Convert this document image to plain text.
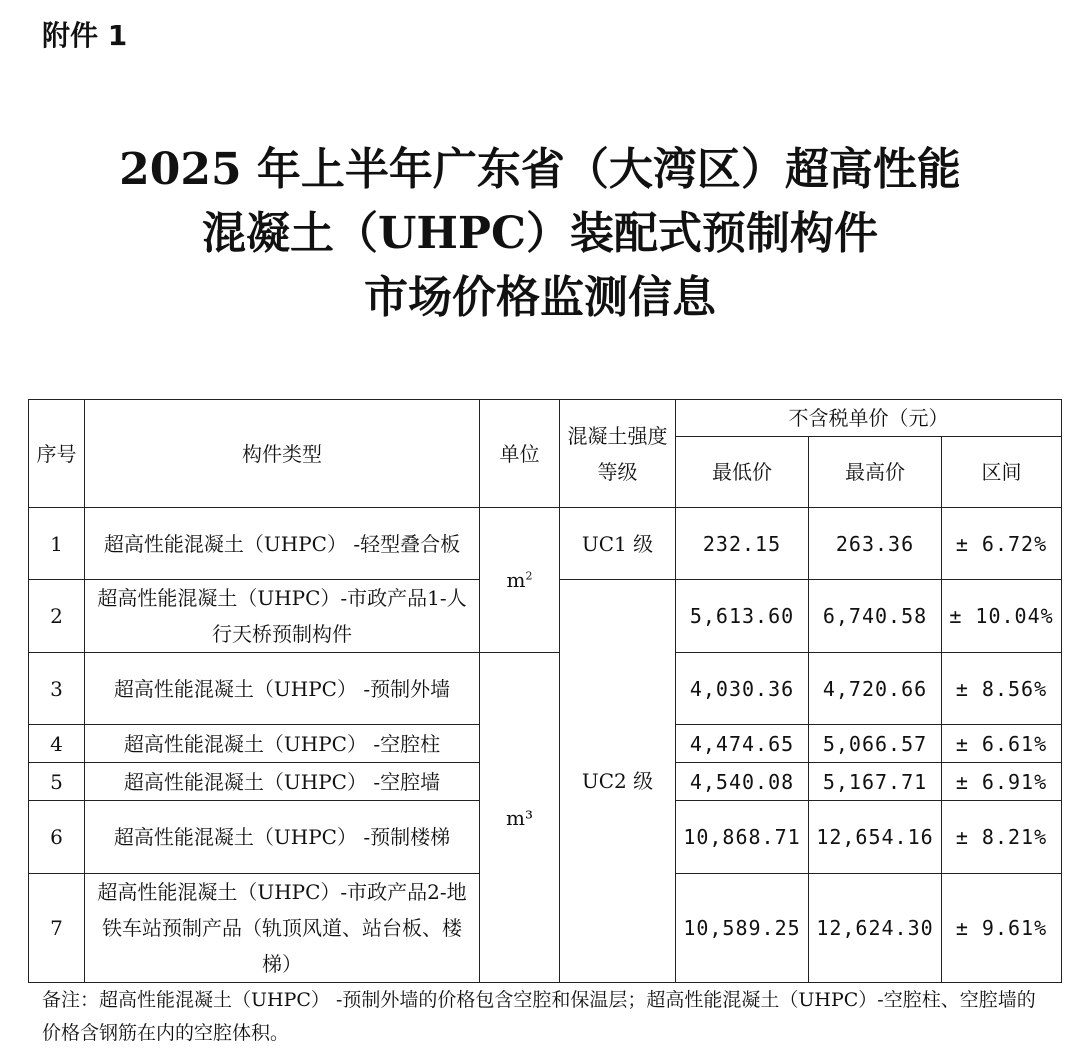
附件 1
2025 年上半年广东省（大湾区）超高性能
混凝土（UHPC）装配式预制构件
市场价格监测信息
序号	构件类型	单位	混凝土强度等级	不含税单价（元）		
				最低价	最高价	区间
1	超高性能混凝土（UHPC） -轻型叠合板	$m^2$	UC1 级	232.15	263.36	± 6.72%
2	超高性能混凝土（UHPC）-市政产品1-人行天桥预制构件		UC2 级	5,613.60	6,740.58	± 10.04%
3	超高性能混凝土（UHPC） -预制外墙	m³		4,030.36	4,720.66	± 8.56%
4	超高性能混凝土（UHPC） -空腔柱			4,474.65	5,066.57	± 6.61%
5	超高性能混凝土（UHPC） -空腔墙			4,540.08	5,167.71	± 6.91%
6	超高性能混凝土（UHPC） -预制楼梯			10,868.71	12,654.16	± 8.21%
7	超高性能混凝土（UHPC）-市政产品2-地铁车站预制产品（轨顶风道、站台板、楼梯）			10,589.25	12,624.30	± 9.61%
备注：超高性能混凝土（UHPC） -预制外墙的价格包含空腔和保温层；超高性能混凝土（UHPC）-空腔柱、空腔墙的价格含钢筋在内的空腔体积。
